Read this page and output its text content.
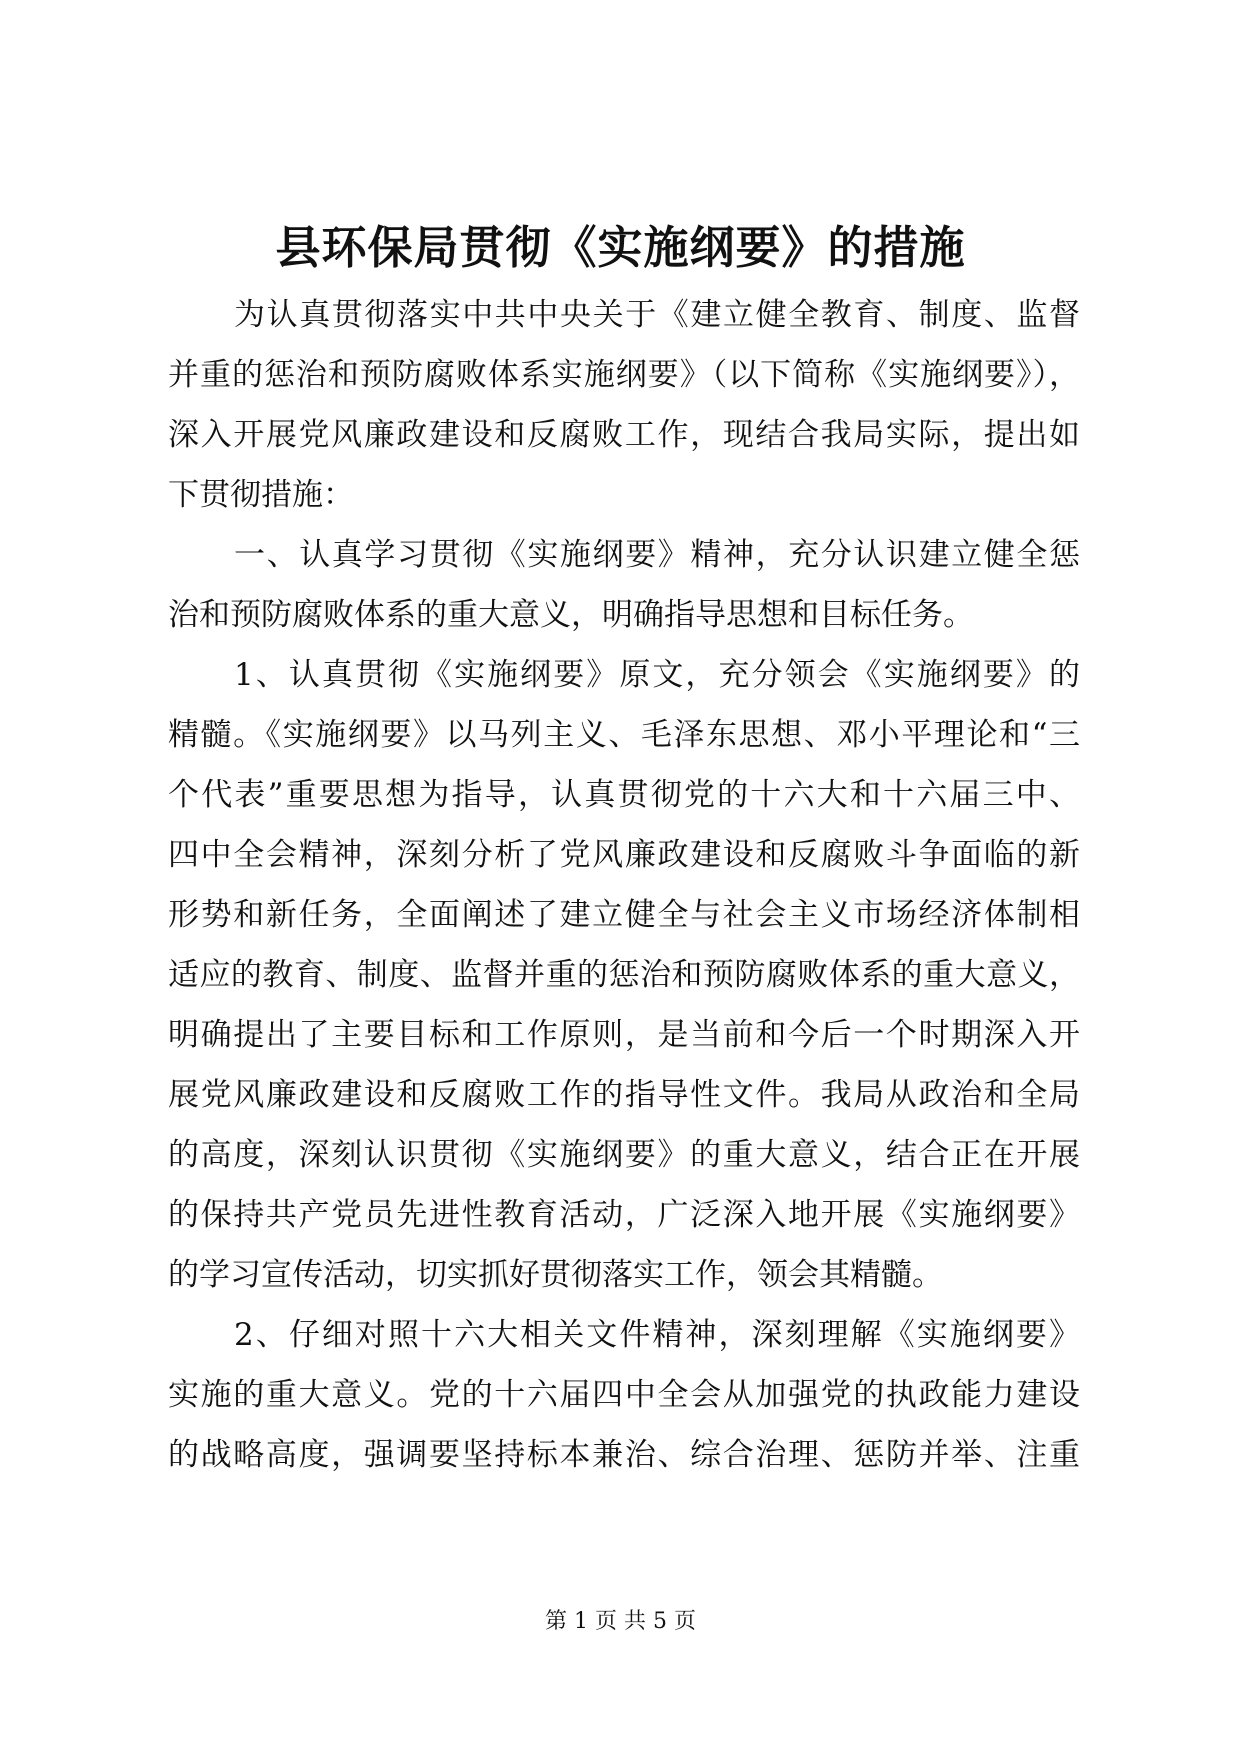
县环保局贯彻《实施纲要》的措施
为认真贯彻落实中共中央关于《建立健全教育、制度、监督
并重的惩治和预防腐败体系实施纲要》（以下简称《实施纲要》），
深入开展党风廉政建设和反腐败工作，现结合我局实际，提出如
下贯彻措施：
一、认真学习贯彻《实施纲要》精神，充分认识建立健全惩
治和预防腐败体系的重大意义，明确指导思想和目标任务。
1、认真贯彻《实施纲要》原文，充分领会《实施纲要》的
精髓。《实施纲要》以马列主义、毛泽东思想、邓小平理论和“三
个代表”重要思想为指导，认真贯彻党的十六大和十六届三中、
四中全会精神，深刻分析了党风廉政建设和反腐败斗争面临的新
形势和新任务，全面阐述了建立健全与社会主义市场经济体制相
适应的教育、制度、监督并重的惩治和预防腐败体系的重大意义，
明确提出了主要目标和工作原则，是当前和今后一个时期深入开
展党风廉政建设和反腐败工作的指导性文件。我局从政治和全局
的高度，深刻认识贯彻《实施纲要》的重大意义，结合正在开展
的保持共产党员先进性教育活动，广泛深入地开展《实施纲要》
的学习宣传活动，切实抓好贯彻落实工作，领会其精髓。
2、仔细对照十六大相关文件精神，深刻理解《实施纲要》
实施的重大意义。党的十六届四中全会从加强党的执政能力建设
的战略高度，强调要坚持标本兼治、综合治理、惩防并举、注重
第 1 页 共 5 页
